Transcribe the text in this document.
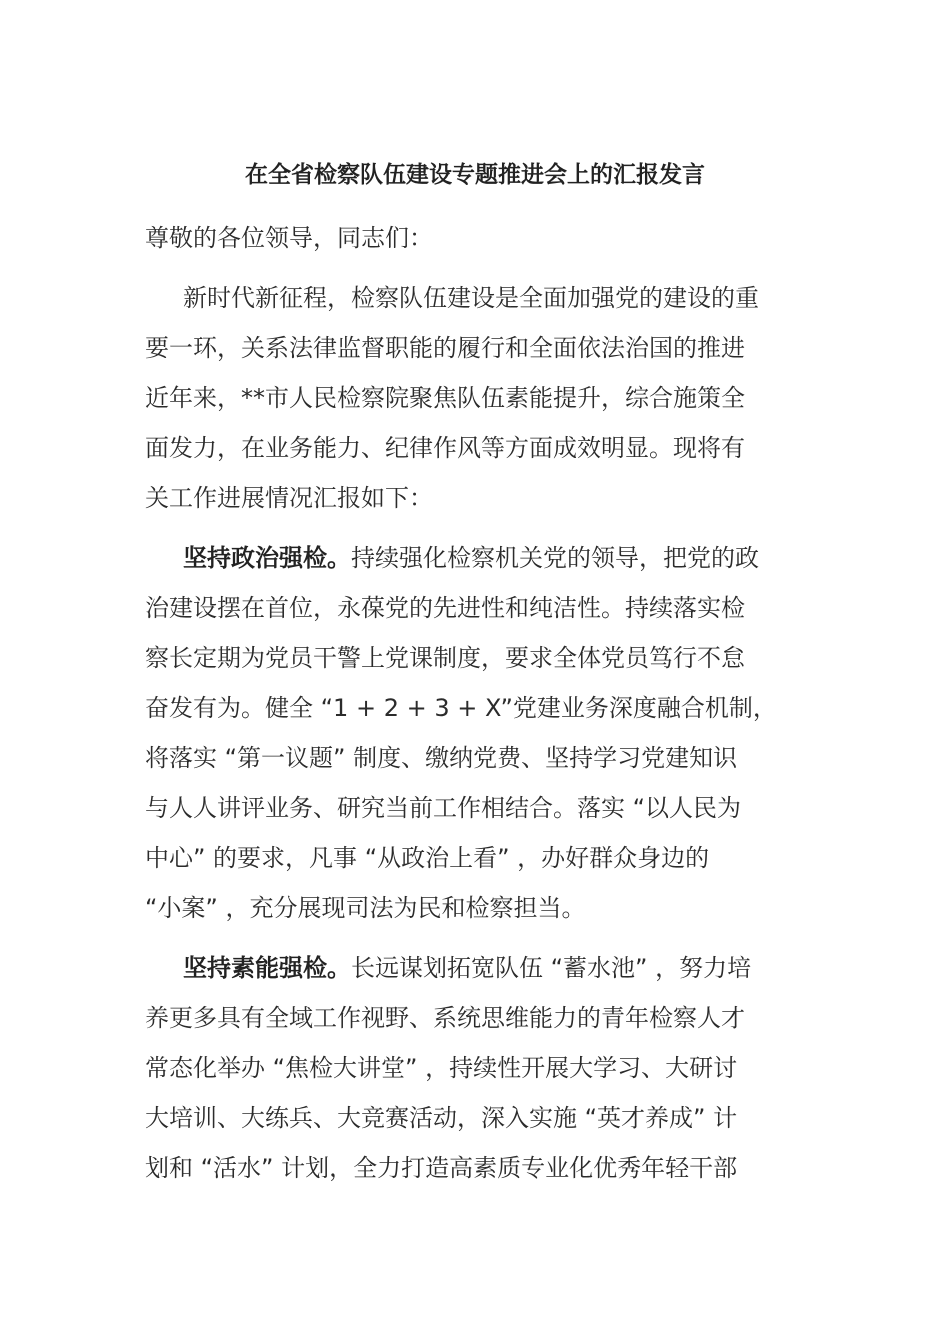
在全省检察队伍建设专题推进会上的汇报发言

尊敬的各位领导，同志们：

新时代新征程，检察队伍建设是全面加强党的建设的重
要一环，关系法律监督职能的履行和全面依法治国的推进
近年来，**市人民检察院聚焦队伍素能提升，综合施策全
面发力，在业务能力、纪律作风等方面成效明显。现将有
关工作进展情况汇报如下：
坚持政治强检。持续强化检察机关党的领导，把党的政
治建设摆在首位，永葆党的先进性和纯洁性。持续落实检
察长定期为党员干警上党课制度，要求全体党员笃行不怠
奋发有为。健全 “1 + 2 + 3 + X”党建业务深度融合机制，
将落实 “第一议题” 制度、缴纳党费、坚持学习党建知识
与人人讲评业务、研究当前工作相结合。落实 “以人民为
中心” 的要求，凡事 “从政治上看” ，办好群众身边的
“小案” ，充分展现司法为民和检察担当。
坚持素能强检。长远谋划拓宽队伍 “蓄水池” ，努力培
养更多具有全域工作视野、系统思维能力的青年检察人才
常态化举办 “焦检大讲堂” ，持续性开展大学习、大研讨
大培训、大练兵、大竞赛活动，深入实施 “英才养成” 计
划和 “活水” 计划，全力打造高素质专业化优秀年轻干部
